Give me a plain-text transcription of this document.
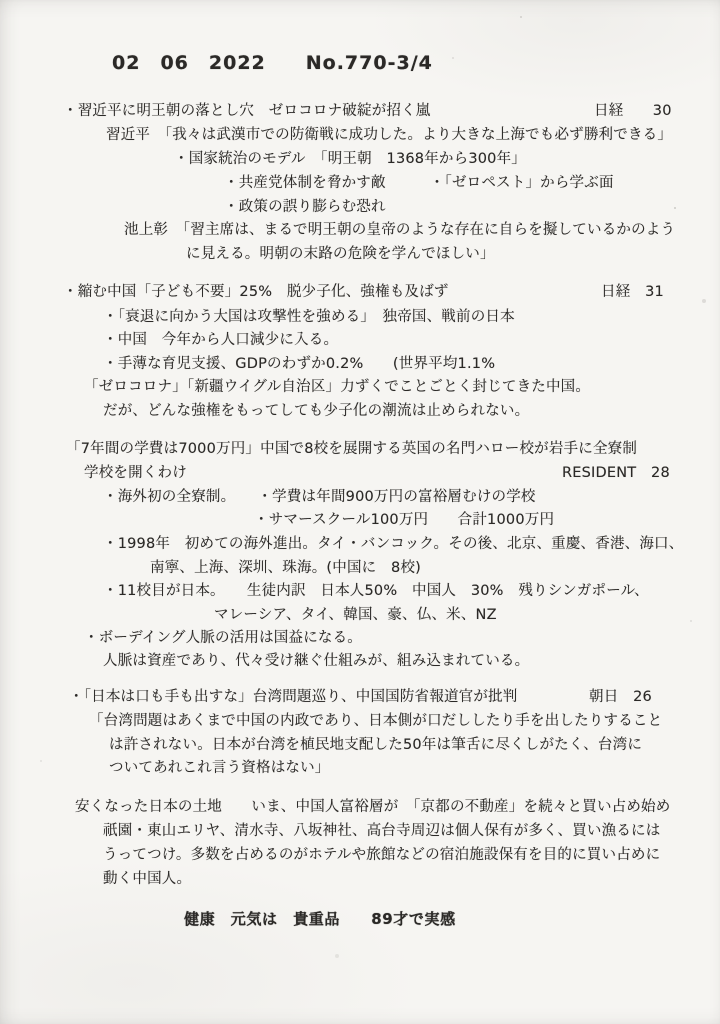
02　06　2022　　No.770-3/4
・習近平に明王朝の落とし穴　ゼロコロナ破綻が招く嵐
習近平　「我々は武漢市での防衛戦に成功した。より大きな上海でも必ず勝利できる」
・国家統治のモデル　「明王朝　1368年から300年」
・共産党体制を脅かす敵　　　・「ゼロペスト」から学ぶ面
・政策の誤り膨らむ恐れ
池上彰　「習主席は、まるで明王朝の皇帝のような存在に自らを擬しているかのよう
に見える。明朝の末路の危険を学んでほしい」
日経　　30
・縮む中国「子ども不要」25%　脱少子化、強権も及ばず
・「衰退に向かう大国は攻撃性を強める」　独帝国、戦前の日本
・中国　今年から人口減少に入る。
・手薄な育児支援、GDPのわずか0.2%　　(世界平均1.1%
「ゼロコロナ」「新疆ウイグル自治区」力ずくでことごとく封じてきた中国。
だが、どんな強権をもってしても少子化の潮流は止められない。
日経　31
「7年間の学費は7000万円」中国で8校を展開する英国の名門ハロー校が岩手に全寮制
学校を開くわけ
・海外初の全寮制。　　・学費は年間900万円の富裕層むけの学校
・サマースクール100万円　　合計1000万円
・1998年　初めての海外進出。タイ・バンコック。その後、北京、重慶、香港、海口、
南寧、上海、深圳、珠海。(中国に　8校)
・11校目が日本。　　生徒内訳　日本人50%　中国人　30%　残りシンガポール、
マレーシア、タイ、韓国、豪、仏、米、NZ
・ボーデイング人脈の活用は国益になる。
人脈は資産であり、代々受け継ぐ仕組みが、組み込まれている。
RESIDENT　28
・「日本は口も手も出すな」台湾問題巡り、中国国防省報道官が批判
「台湾問題はあくまで中国の内政であり、日本側が口だししたり手を出したりすること
は許されない。日本が台湾を植民地支配した50年は筆舌に尽くしがたく、台湾に
ついてあれこれ言う資格はない」
朝日　26
安くなった日本の土地　　いま、中国人富裕層が　「京都の不動産」を続々と買い占め始め
祇園・東山エリヤ、清水寺、八坂神社、高台寺周辺は個人保有が多く、買い漁るには
うってつけ。多数を占めるのがホテルや旅館などの宿泊施設保有を目的に買い占めに
動く中国人。
健康　元気は　貴重品　　89才で実感
